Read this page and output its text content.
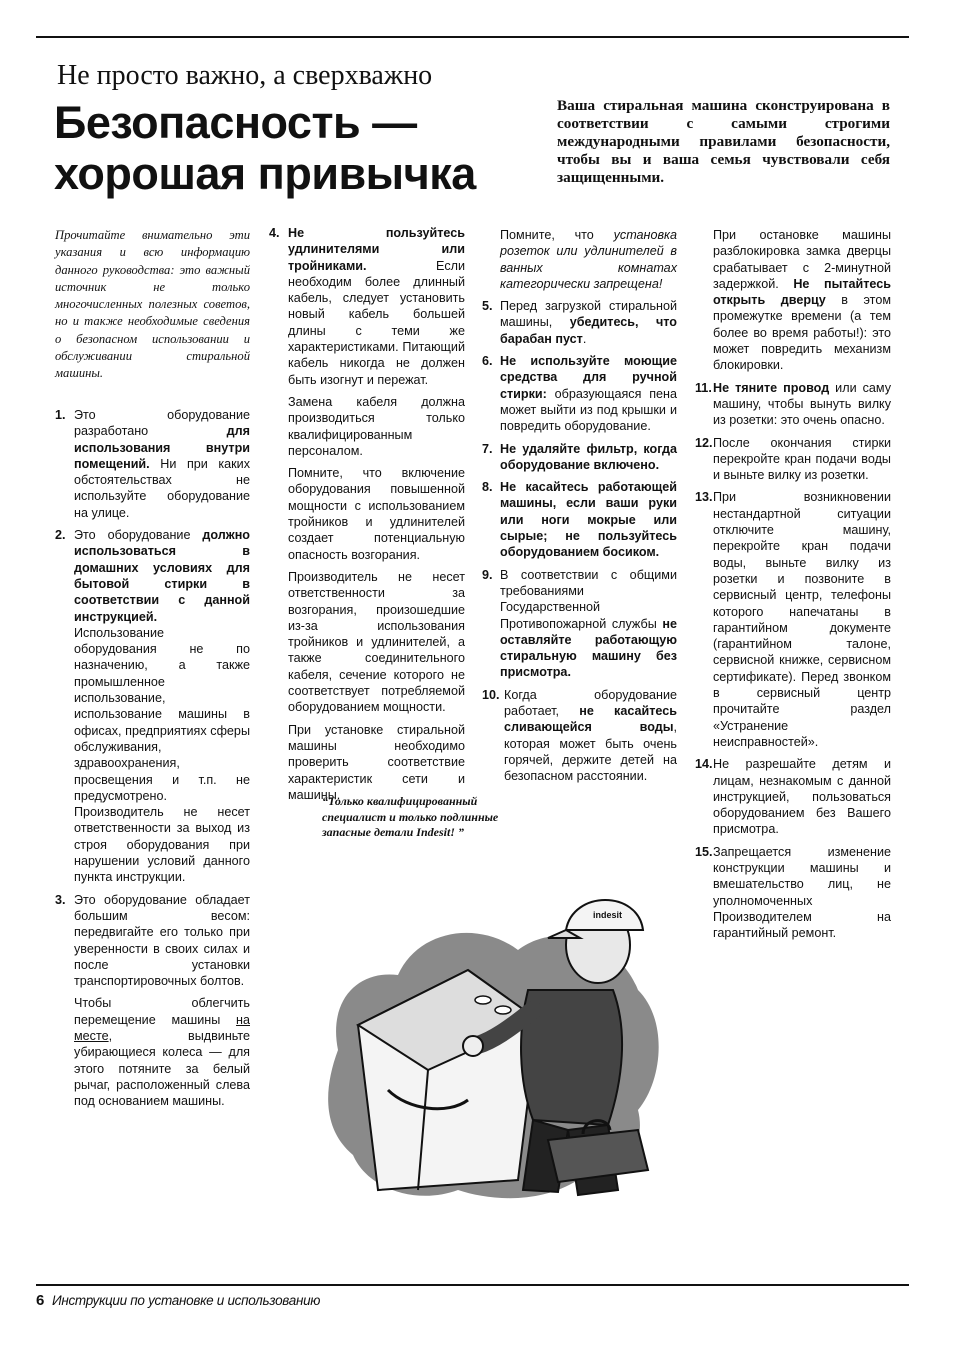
Не просто важно, а сверхважно
Безопасность —
хорошая привычка

Ваша стиральная машина сконструирована в соответствии с самыми строгими международными правилами безопасности, чтобы вы и ваша семья чувствовали себя защищенными.

Прочитайте внимательно эти указания и всю информацию данного руководства: это важный источник не только многочисленных полезных советов, но и также необходимые сведения о безопасном использовании и обслуживании стиральной машины.

1. Это оборудование разработано для использования внутри помещений. Ни при каких обстоятельствах не используйте оборудование на улице.
2. Это оборудование должно использоваться в домашних условиях для бытовой стирки в соответствии с данной инструкцией. Использование оборудования не по назначению, а также промышленное использование, использование машины в офисах, предприятиях сферы обслуживания, здравоохранения, просвещения и т.п. не предусмотрено. Производитель не несет ответственности за выход из строя оборудования при нарушении условий данного пункта инструкции.
3. Это оборудование обладает большим весом: передвигайте его только при уверенности в своих силах и после установки транспортировочных болтов.

Чтобы облегчить перемещение машины на месте, выдвиньте убирающиеся колеса — для этого потяните за белый рычаг, расположенный слева под основанием машины.

4. Не пользуйтесь удлинителями или тройниками. Если необходим более длинный кабель, следует установить новый кабель большей длины с теми же характеристиками. Питающий кабель никогда не должен быть изогнут и пережат.

Замена кабеля должна производиться только квалифицированным персоналом.

Помните, что включение оборудования повышенной мощности с использованием тройников и удлинителей создает потенциальную опасность возгорания.

Производитель не несет ответственности за возгорания, произошедшие из-за использования тройников и удлинителей, а также соединительного кабеля, сечение которого не соответствует потребляемой оборудованием мощности.

При установке стиральной машины необходимо проверить соответствие характеристик сети и машины.

Помните, что установка розеток или удлинителей в ванных комнатах категорически запрещена!

5. Перед загрузкой стиральной машины, убедитесь, что барабан пуст.
6. Не используйте моющие средства для ручной стирки: образующаяся пена может выйти из под крышки и повредить оборудование.
7. Не удаляйте фильтр, когда оборудование включено.
8. Не касайтесь работающей машины, если ваши руки или ноги мокрые или сырые; не пользуйтесь оборудованием босиком.
9. В соответствии с общими требованиями Государственной Противопожарной службы не оставляйте работающую стиральную машину без присмотра.
10. Когда оборудование работает, не касайтесь сливающейся воды, которая может быть очень горячей, держите детей на безопасном расстоянии.

При остановке машины разблокировка замка дверцы срабатывает с 2-минутной задержкой. Не пытайтесь открыть дверцу в этом промежутке времени (а тем более во время работы!): это может повредить механизм блокировки.

11. Не тяните провод или саму машину, чтобы вынуть вилку из розетки: это очень опасно.
12. После окончания стирки перекройте кран подачи воды и выньте вилку из розетки.
13. При возникновении нестандартной ситуации отключите машину, перекройте кран подачи воды, выньте вилку из розетки и позвоните в сервисный центр, телефоны которого напечатаны в гарантийном документе (гарантийном талоне, сервисной книжке, сервисном сертификате). Перед звонком в сервисный центр прочитайте раздел «Устранение неисправностей».
14. Не разрешайте детям и лицам, незнакомым с данной инструкцией, пользоваться оборудованием без Вашего присмотра.
15. Запрещается изменение конструкции машины и вмешательство лиц, не уполномоченных Производителем на гарантийный ремонт.

“Только квалифицированный специалист и только подлинные запасные детали Indesit! ”

indesit
6 Инструкции по установке и использованию
